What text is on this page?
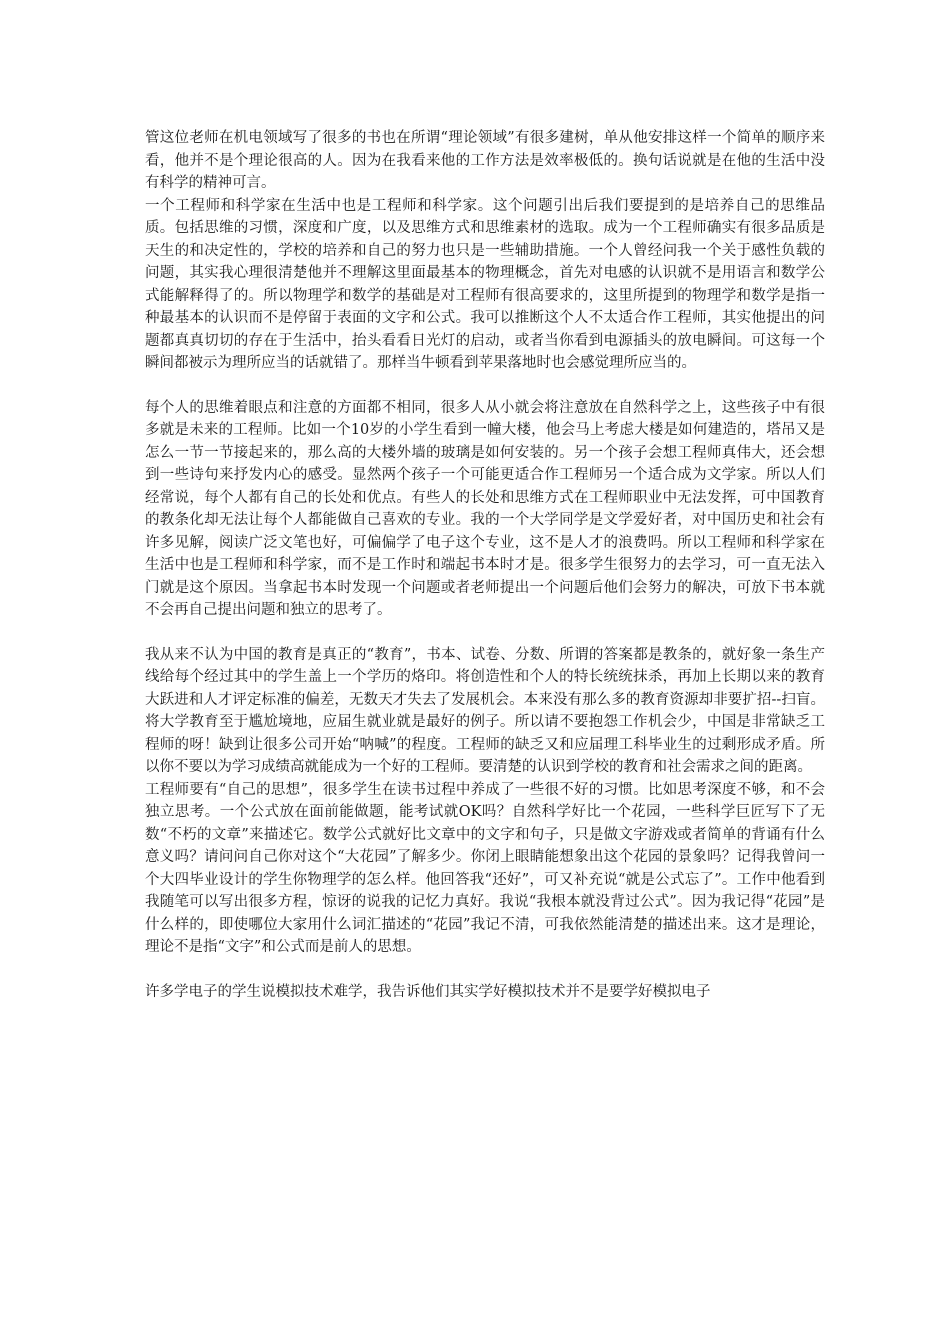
管这位老师在机电领域写了很多的书也在所谓“理论领域”有很多建树，单从他安排这样一个简单的顺序来看，他并不是个理论很高的人。因为在我看来他的工作方法是效率极低的。换句话说就是在他的生活中没有科学的精神可言。

一个工程师和科学家在生活中也是工程师和科学家。这个问题引出后我们要提到的是培养自己的思维品质。包括思维的习惯，深度和广度，以及思维方式和思维素材的选取。成为一个工程师确实有很多品质是天生的和决定性的，学校的培养和自己的努力也只是一些辅助措施。一个人曾经问我一个关于感性负载的问题，其实我心理很清楚他并不理解这里面最基本的物理概念，首先对电感的认识就不是用语言和数学公式能解释得了的。所以物理学和数学的基础是对工程师有很高要求的，这里所提到的物理学和数学是指一种最基本的认识而不是停留于表面的文字和公式。我可以推断这个人不太适合作工程师，其实他提出的问题都真真切切的存在于生活中，抬头看看日光灯的启动，或者当你看到电源插头的放电瞬间。可这每一个瞬间都被示为理所应当的话就错了。那样当牛顿看到苹果落地时也会感觉理所应当的。

每个人的思维着眼点和注意的方面都不相同，很多人从小就会将注意放在自然科学之上，这些孩子中有很多就是未来的工程师。比如一个10岁的小学生看到一幢大楼，他会马上考虑大楼是如何建造的，塔吊又是怎么一节一节接起来的，那么高的大楼外墙的玻璃是如何安装的。另一个孩子会想工程师真伟大，还会想到一些诗句来抒发内心的感受。显然两个孩子一个可能更适合作工程师另一个适合成为文学家。所以人们经常说，每个人都有自己的长处和优点。有些人的长处和思维方式在工程师职业中无法发挥，可中国教育的教条化却无法让每个人都能做自己喜欢的专业。我的一个大学同学是文学爱好者，对中国历史和社会有许多见解，阅读广泛文笔也好，可偏偏学了电子这个专业，这不是人才的浪费吗。所以工程师和科学家在生活中也是工程师和科学家，而不是工作时和端起书本时才是。很多学生很努力的去学习，可一直无法入门就是这个原因。当拿起书本时发现一个问题或者老师提出一个问题后他们会努力的解决，可放下书本就不会再自己提出问题和独立的思考了。

我从来不认为中国的教育是真正的“教育”，书本、试卷、分数、所谓的答案都是教条的，就好象一条生产线给每个经过其中的学生盖上一个学历的烙印。将创造性和个人的特长统统抹杀，再加上长期以来的教育大跃进和人才评定标准的偏差，无数天才失去了发展机会。本来没有那么多的教育资源却非要扩招--扫盲。将大学教育至于尴尬境地，应届生就业就是最好的例子。所以请不要抱怨工作机会少，中国是非常缺乏工程师的呀！缺到让很多公司开始“呐喊”的程度。工程师的缺乏又和应届理工科毕业生的过剩形成矛盾。所以你不要以为学习成绩高就能成为一个好的工程师。要清楚的认识到学校的教育和社会需求之间的距离。

工程师要有“自己的思想”，很多学生在读书过程中养成了一些很不好的习惯。比如思考深度不够，和不会独立思考。一个公式放在面前能做题，能考试就OK吗？自然科学好比一个花园，一些科学巨匠写下了无数“不朽的文章”来描述它。数学公式就好比文章中的文字和句子，只是做文字游戏或者简单的背诵有什么意义吗？请问问自己你对这个“大花园”了解多少。你闭上眼睛能想象出这个花园的景象吗？记得我曾问一个大四毕业设计的学生你物理学的怎么样。他回答我“还好”，可又补充说“就是公式忘了”。工作中他看到我随笔可以写出很多方程，惊讶的说我的记忆力真好。我说“我根本就没背过公式”。因为我记得“花园”是什么样的，即使哪位大家用什么词汇描述的“花园”我记不清，可我依然能清楚的描述出来。这才是理论，理论不是指“文字”和公式而是前人的思想。

许多学电子的学生说模拟技术难学，我告诉他们其实学好模拟技术并不是要学好模拟电子
